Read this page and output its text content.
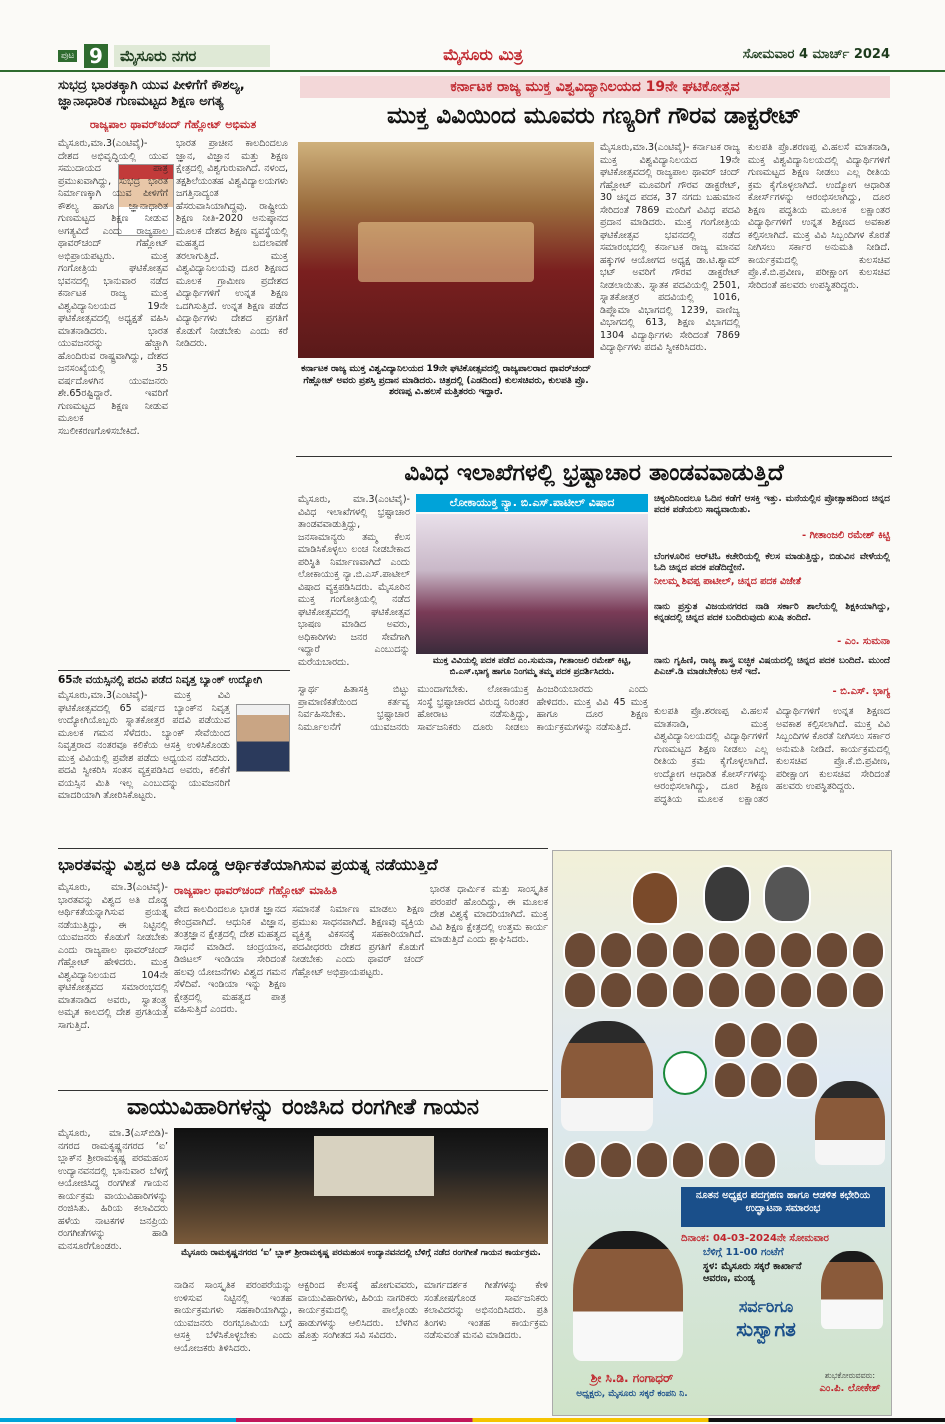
ಪುಟ 9	ಮೈಸೂರು ನಗರ	ಮೈಸೂರು ಮಿತ್ರ	ಸೋಮವಾರ 4 ಮಾರ್ಚ್ 2024
ಸುಭದ್ರ ಭಾರತಕ್ಕಾಗಿ ಯುವ ಪೀಳಿಗೆಗೆ ಕೌಶಲ್ಯ, ಜ್ಞಾನಾಧಾರಿತ ಗುಣಮಟ್ಟದ ಶಿಕ್ಷಣ ಅಗತ್ಯ
ರಾಜ್ಯಪಾಲ ಥಾವರ್‌ಚಂದ್ ಗೆಹ್ಲೋಟ್ ಅಭಿಮತ
ಮೈಸೂರು,ಮಾ.3(ಎಂಟಿವೈ)- ದೇಶದ ಅಭಿವೃದ್ಧಿಯಲ್ಲಿ ಯುವ ಸಮುದಾಯದ ಪಾತ್ರ ಪ್ರಮುಖವಾಗಿದ್ದು, ಸುಭದ್ರ ಭಾರತ ನಿರ್ಮಾಣಕ್ಕಾಗಿ ಯುವ ಪೀಳಿಗೆಗೆ ಕೌಶಲ್ಯ ಹಾಗೂ ಜ್ಞಾನಾಧಾರಿತ ಗುಣಮಟ್ಟದ ಶಿಕ್ಷಣ ನೀಡುವ ಅಗತ್ಯವಿದೆ ಎಂದು ರಾಜ್ಯಪಾಲ ಥಾವರ್‌ಚಂದ್ ಗೆಹ್ಲೋಟ್ ಅಭಿಪ್ರಾಯಪಟ್ಟರು. ಮುಕ್ತ ಗಂಗೋತ್ರಿಯ ಘಟಿಕೋತ್ಸವ ಭವನದಲ್ಲಿ ಭಾನುವಾರ ನಡೆದ ಕರ್ನಾಟಕ ರಾಜ್ಯ ಮುಕ್ತ ವಿಶ್ವವಿದ್ಯಾನಿಲಯದ 19ನೇ ಘಟಿಕೋತ್ಸವದಲ್ಲಿ ಅಧ್ಯಕ್ಷತೆ ವಹಿಸಿ ಮಾತನಾಡಿದರು. ಭಾರತ ಯುವಜನರನ್ನು ಹೆಚ್ಚಾಗಿ ಹೊಂದಿರುವ ರಾಷ್ಟ್ರವಾಗಿದ್ದು, ದೇಶದ ಜನಸಂಖ್ಯೆಯಲ್ಲಿ 35 ವರ್ಷದೊಳಗಿನ ಯುವಜನರು ಶೇ.65ರಷ್ಟಿದ್ದಾರೆ. ಇವರಿಗೆ ಗುಣಮಟ್ಟದ ಶಿಕ್ಷಣ ನೀಡುವ ಮೂಲಕ ಸಬಲೀಕರಣಗೊಳಿಸಬೇಕಿದೆ.
ಭಾರತ ಪ್ರಾಚೀನ ಕಾಲದಿಂದಲೂ ಜ್ಞಾನ, ವಿಜ್ಞಾನ ಮತ್ತು ಶಿಕ್ಷಣ ಕ್ಷೇತ್ರದಲ್ಲಿ ವಿಶ್ವಗುರುವಾಗಿದೆ. ನಳಂದ, ತಕ್ಷಶಿಲೆಯಂತಹ ವಿಶ್ವವಿದ್ಯಾಲಯಗಳು ಜಗತ್ತಿನಾದ್ಯಂತ ಹೆಸರುವಾಸಿಯಾಗಿದ್ದವು. ರಾಷ್ಟ್ರೀಯ ಶಿಕ್ಷಣ ನೀತಿ-2020 ಅನುಷ್ಠಾನದ ಮೂಲಕ ದೇಶದ ಶಿಕ್ಷಣ ವ್ಯವಸ್ಥೆಯಲ್ಲಿ ಮಹತ್ವದ ಬದಲಾವಣೆ ತರಲಾಗುತ್ತಿದೆ. ಮುಕ್ತ ವಿಶ್ವವಿದ್ಯಾನಿಲಯವು ದೂರ ಶಿಕ್ಷಣದ ಮೂಲಕ ಗ್ರಾಮೀಣ ಪ್ರದೇಶದ ವಿದ್ಯಾರ್ಥಿಗಳಿಗೆ ಉನ್ನತ ಶಿಕ್ಷಣ ಒದಗಿಸುತ್ತಿದೆ. ಉನ್ನತ ಶಿಕ್ಷಣ ಪಡೆದ ವಿದ್ಯಾರ್ಥಿಗಳು ದೇಶದ ಪ್ರಗತಿಗೆ ಕೊಡುಗೆ ನೀಡಬೇಕು ಎಂದು ಕರೆ ನೀಡಿದರು.
65ನೇ ವಯಸ್ಸಿನಲ್ಲಿ ಪದವಿ ಪಡೆದ ನಿವೃತ್ತ ಬ್ಯಾಂಕ್ ಉದ್ಯೋಗಿ
ಮೈಸೂರು,ಮಾ.3(ಎಂಟಿವೈ)- ಮುಕ್ತ ವಿವಿ ಘಟಿಕೋತ್ಸವದಲ್ಲಿ 65 ವರ್ಷದ ಬ್ಯಾಂಕ್‌ನ ನಿವೃತ್ತ ಉದ್ಯೋಗಿಯೊಬ್ಬರು ಸ್ನಾತಕೋತ್ತರ ಪದವಿ ಪಡೆಯುವ ಮೂಲಕ ಗಮನ ಸೆಳೆದರು. ಬ್ಯಾಂಕ್ ಸೇವೆಯಿಂದ ನಿವೃತ್ತರಾದ ನಂತರವೂ ಕಲಿಕೆಯ ಆಸಕ್ತಿ ಉಳಿಸಿಕೊಂಡು ಮುಕ್ತ ವಿವಿಯಲ್ಲಿ ಪ್ರವೇಶ ಪಡೆದು ಅಧ್ಯಯನ ನಡೆಸಿದರು. ಪದವಿ ಸ್ವೀಕರಿಸಿ ಸಂತಸ ವ್ಯಕ್ತಪಡಿಸಿದ ಅವರು, ಕಲಿಕೆಗೆ ವಯಸ್ಸಿನ ಮಿತಿ ಇಲ್ಲ ಎಂಬುದನ್ನು ಯುವಜನರಿಗೆ ಮಾದರಿಯಾಗಿ ತೋರಿಸಿಕೊಟ್ಟರು.
ಕರ್ನಾಟಕ ರಾಜ್ಯ ಮುಕ್ತ ವಿಶ್ವವಿದ್ಯಾನಿಲಯದ 19ನೇ ಘಟಿಕೋತ್ಸವ
ಮುಕ್ತ ವಿವಿಯಿಂದ ಮೂವರು ಗಣ್ಯರಿಗೆ ಗೌರವ ಡಾಕ್ಟರೇಟ್
ಕರ್ನಾಟಕ ರಾಜ್ಯ ಮುಕ್ತ ವಿಶ್ವವಿದ್ಯಾನಿಲಯದ 19ನೇ ಘಟಿಕೋತ್ಸವದಲ್ಲಿ ರಾಜ್ಯಪಾಲರಾದ ಥಾವರ್‌ಚಂದ್ ಗೆಹ್ಲೋಟ್ ಅವರು ಪ್ರಶಸ್ತಿ ಪ್ರದಾನ ಮಾಡಿದರು. ಚಿತ್ರದಲ್ಲಿ (ಎಡದಿಂದ) ಕುಲಸಚಿವರು, ಕುಲಪತಿ ಪ್ರೊ. ಶರಣಪ್ಪ ವಿ.ಹಲಸೆ ಮತ್ತಿತರರು ಇದ್ದಾರೆ.
ಮೈಸೂರು,ಮಾ.3(ಎಂಟಿವೈ)- ಕರ್ನಾಟಕ ರಾಜ್ಯ ಮುಕ್ತ ವಿಶ್ವವಿದ್ಯಾನಿಲಯದ 19ನೇ ಘಟಿಕೋತ್ಸವದಲ್ಲಿ ರಾಜ್ಯಪಾಲ ಥಾವರ್ ಚಂದ್ ಗೆಹ್ಲೋಟ್ ಮೂವರಿಗೆ ಗೌರವ ಡಾಕ್ಟರೇಟ್, 30 ಚಿನ್ನದ ಪದಕ, 37 ನಗದು ಬಹುಮಾನ ಸೇರಿದಂತೆ 7869 ಮಂದಿಗೆ ವಿವಿಧ ಪದವಿ ಪ್ರದಾನ ಮಾಡಿದರು. ಮುಕ್ತ ಗಂಗೋತ್ರಿಯ ಘಟಿಕೋತ್ಸವ ಭವನದಲ್ಲಿ ನಡೆದ ಸಮಾರಂಭದಲ್ಲಿ ಕರ್ನಾಟಕ ರಾಜ್ಯ ಮಾನವ ಹಕ್ಕುಗಳ ಆಯೋಗದ ಅಧ್ಯಕ್ಷ ಡಾ.ಟಿ.ಶ್ಯಾಮ್ ಭಟ್ ಅವರಿಗೆ ಗೌರವ ಡಾಕ್ಟರೇಟ್ ನೀಡಲಾಯಿತು. ಸ್ನಾತಕ ಪದವಿಯಲ್ಲಿ 2501, ಸ್ನಾತಕೋತ್ತರ ಪದವಿಯಲ್ಲಿ 1016, ಡಿಪ್ಲೊಮಾ ವಿಭಾಗದಲ್ಲಿ 1239, ವಾಣಿಜ್ಯ ವಿಭಾಗದಲ್ಲಿ 613, ಶಿಕ್ಷಣ ವಿಭಾಗದಲ್ಲಿ 1304 ವಿದ್ಯಾರ್ಥಿಗಳು ಸೇರಿದಂತೆ 7869 ವಿದ್ಯಾರ್ಥಿಗಳು ಪದವಿ ಸ್ವೀಕರಿಸಿದರು.
ಕುಲಪತಿ ಪ್ರೊ.ಶರಣಪ್ಪ ವಿ.ಹಲಸೆ ಮಾತನಾಡಿ, ಮುಕ್ತ ವಿಶ್ವವಿದ್ಯಾನಿಲಯದಲ್ಲಿ ವಿದ್ಯಾರ್ಥಿಗಳಿಗೆ ಗುಣಮಟ್ಟದ ಶಿಕ್ಷಣ ನೀಡಲು ಎಲ್ಲ ರೀತಿಯ ಕ್ರಮ ಕೈಗೊಳ್ಳಲಾಗಿದೆ. ಉದ್ಯೋಗ ಆಧಾರಿತ ಕೋರ್ಸ್‌ಗಳನ್ನು ಆರಂಭಿಸಲಾಗಿದ್ದು, ದೂರ ಶಿಕ್ಷಣ ಪದ್ಧತಿಯ ಮೂಲಕ ಲಕ್ಷಾಂತರ ವಿದ್ಯಾರ್ಥಿಗಳಿಗೆ ಉನ್ನತ ಶಿಕ್ಷಣದ ಅವಕಾಶ ಕಲ್ಪಿಸಲಾಗಿದೆ. ಮುಕ್ತ ವಿವಿ ಸಿಬ್ಬಂದಿಗಳ ಕೊರತೆ ನೀಗಿಸಲು ಸರ್ಕಾರ ಅನುಮತಿ ನೀಡಿದೆ. ಕಾರ್ಯಕ್ರಮದಲ್ಲಿ ಕುಲಸಚಿವ ಪ್ರೊ.ಕೆ.ಬಿ.ಪ್ರವೀಣ, ಪರೀಕ್ಷಾಂಗ ಕುಲಸಚಿವ ಸೇರಿದಂತೆ ಹಲವರು ಉಪಸ್ಥಿತರಿದ್ದರು.
ವಿವಿಧ ಇಲಾಖೆಗಳಲ್ಲಿ ಭ್ರಷ್ಟಾಚಾರ ತಾಂಡವವಾಡುತ್ತಿದೆ
ಮೈಸೂರು, ಮಾ.3(ಎಂಟಿವೈ)- ವಿವಿಧ ಇಲಾಖೆಗಳಲ್ಲಿ ಭ್ರಷ್ಟಾಚಾರ ತಾಂಡವವಾಡುತ್ತಿದ್ದು, ಜನಸಾಮಾನ್ಯರು ತಮ್ಮ ಕೆಲಸ ಮಾಡಿಸಿಕೊಳ್ಳಲು ಲಂಚ ನೀಡಬೇಕಾದ ಪರಿಸ್ಥಿತಿ ನಿರ್ಮಾಣವಾಗಿದೆ ಎಂದು ಲೋಕಾಯುಕ್ತ ನ್ಯಾ.ಬಿ.ಎಸ್.ಪಾಟೀಲ್ ವಿಷಾದ ವ್ಯಕ್ತಪಡಿಸಿದರು. ಮೈಸೂರಿನ ಮುಕ್ತ ಗಂಗೋತ್ರಿಯಲ್ಲಿ ನಡೆದ ಘಟಿಕೋತ್ಸವದಲ್ಲಿ ಘಟಿಕೋತ್ಸವ ಭಾಷಣ ಮಾಡಿದ ಅವರು, ಅಧಿಕಾರಿಗಳು ಜನರ ಸೇವೆಗಾಗಿ ಇದ್ದಾರೆ ಎಂಬುದನ್ನು ಮರೆಯಬಾರದು.
ಲೋಕಾಯುಕ್ತ ನ್ಯಾ. ಬಿ.ಎಸ್.ಪಾಟೀಲ್ ವಿಷಾದ
ಮುಕ್ತ ವಿವಿಯಲ್ಲಿ ಪದಕ ಪಡೆದ ಎಂ.ಸುಮನಾ, ಗೀತಾಂಜಲಿ ರಮೇಶ್ ಕಿಟ್ಟಿ, ಬಿ.ಎಸ್.ಭಾಗ್ಯ ಹಾಗೂ ನಿಂಗಮ್ಮ ತಮ್ಮ ಪದಕ ಪ್ರದರ್ಶಿಸಿದರು.
ಚಿಕ್ಕಂದಿನಿಂದಲೂ ಓದಿನ ಕಡೆಗೆ ಆಸಕ್ತಿ ಇತ್ತು. ಮನೆಯಲ್ಲಿನ ಪ್ರೋತ್ಸಾಹದಿಂದ ಚಿನ್ನದ ಪದಕ ಪಡೆಯಲು ಸಾಧ್ಯವಾಯಿತು.
- ಗೀತಾಂಜಲಿ ರಮೇಶ್ ಕಿಟ್ಟಿ
ಬೆಂಗಳೂರಿನ ಆರ್‌ಟಿಓ ಕಚೇರಿಯಲ್ಲಿ ಕೆಲಸ ಮಾಡುತ್ತಿದ್ದು, ಬಿಡುವಿನ ವೇಳೆಯಲ್ಲಿ ಓದಿ ಚಿನ್ನದ ಪದಕ ಪಡೆದಿದ್ದೇನೆ.
ನೀಲಮ್ಮ ಶಿವಪ್ಪ ಪಾಟೀಲ್, ಚಿನ್ನದ ಪದಕ ವಿಜೇತೆ
ನಾನು ಪ್ರಸ್ತುತ ವಿಜಯನಗರದ ನಾಡಿ ಸರ್ಕಾರಿ ಶಾಲೆಯಲ್ಲಿ ಶಿಕ್ಷಕಿಯಾಗಿದ್ದು, ಕನ್ನಡದಲ್ಲಿ ಚಿನ್ನದ ಪದಕ ಬಂದಿರುವುದು ಖುಷಿ ತಂದಿದೆ.
- ಎಂ. ಸುಮನಾ
ನಾನು ಗೃಹಿಣಿ, ರಾಜ್ಯ ಶಾಸ್ತ್ರ ಐಚ್ಛಿಕ ವಿಷಯದಲ್ಲಿ ಚಿನ್ನದ ಪದಕ ಬಂದಿದೆ. ಮುಂದೆ ಪಿಎಚ್.ಡಿ ಮಾಡಬೇಕೆಂಬ ಆಸೆ ಇದೆ.
- ಬಿ.ಎಸ್. ಭಾಗ್ಯ
ಸ್ವಾರ್ಥ ಹಿತಾಸಕ್ತಿ ಬಿಟ್ಟು ಪ್ರಾಮಾಣಿಕತೆಯಿಂದ ಕರ್ತವ್ಯ ನಿರ್ವಹಿಸಬೇಕು. ಭ್ರಷ್ಟಾಚಾರ ನಿರ್ಮೂಲನೆಗೆ ಯುವಜನರು ಮುಂದಾಗಬೇಕು. ಲೋಕಾಯುಕ್ತ ಸಂಸ್ಥೆ ಭ್ರಷ್ಟಾಚಾರದ ವಿರುದ್ಧ ನಿರಂತರ ಹೋರಾಟ ನಡೆಸುತ್ತಿದ್ದು, ಸಾರ್ವಜನಿಕರು ದೂರು ನೀಡಲು ಹಿಂಜರಿಯಬಾರದು ಎಂದು ಹೇಳಿದರು. ಮುಕ್ತ ವಿವಿ 45 ಮುಕ್ತ ಹಾಗೂ ದೂರ ಶಿಕ್ಷಣ ಕಾರ್ಯಕ್ರಮಗಳನ್ನು ನಡೆಸುತ್ತಿದೆ.
ಕುಲಪತಿ ಪ್ರೊ.ಶರಣಪ್ಪ ವಿ.ಹಲಸೆ ಮಾತನಾಡಿ, ಮುಕ್ತ ವಿಶ್ವವಿದ್ಯಾನಿಲಯದಲ್ಲಿ ವಿದ್ಯಾರ್ಥಿಗಳಿಗೆ ಗುಣಮಟ್ಟದ ಶಿಕ್ಷಣ ನೀಡಲು ಎಲ್ಲ ರೀತಿಯ ಕ್ರಮ ಕೈಗೊಳ್ಳಲಾಗಿದೆ. ಉದ್ಯೋಗ ಆಧಾರಿತ ಕೋರ್ಸ್‌ಗಳನ್ನು ಆರಂಭಿಸಲಾಗಿದ್ದು, ದೂರ ಶಿಕ್ಷಣ ಪದ್ಧತಿಯ ಮೂಲಕ ಲಕ್ಷಾಂತರ ವಿದ್ಯಾರ್ಥಿಗಳಿಗೆ ಉನ್ನತ ಶಿಕ್ಷಣದ ಅವಕಾಶ ಕಲ್ಪಿಸಲಾಗಿದೆ. ಮುಕ್ತ ವಿವಿ ಸಿಬ್ಬಂದಿಗಳ ಕೊರತೆ ನೀಗಿಸಲು ಸರ್ಕಾರ ಅನುಮತಿ ನೀಡಿದೆ. ಕಾರ್ಯಕ್ರಮದಲ್ಲಿ ಕುಲಸಚಿವ ಪ್ರೊ.ಕೆ.ಬಿ.ಪ್ರವೀಣ, ಪರೀಕ್ಷಾಂಗ ಕುಲಸಚಿವ ಸೇರಿದಂತೆ ಹಲವರು ಉಪಸ್ಥಿತರಿದ್ದರು.
ಭಾರತವನ್ನು ವಿಶ್ವದ ಅತಿ ದೊಡ್ಡ ಆರ್ಥಿಕತೆಯಾಗಿಸುವ ಪ್ರಯತ್ನ ನಡೆಯುತ್ತಿದೆ
ಮೈಸೂರು, ಮಾ.3(ಎಂಟಿವೈ)- ಭಾರತವನ್ನು ವಿಶ್ವದ ಅತಿ ದೊಡ್ಡ ಆರ್ಥಿಕತೆಯನ್ನಾಗಿಸುವ ಪ್ರಯತ್ನ ನಡೆಯುತ್ತಿದ್ದು, ಈ ನಿಟ್ಟಿನಲ್ಲಿ ಯುವಜನರು ಕೊಡುಗೆ ನೀಡಬೇಕು ಎಂದು ರಾಜ್ಯಪಾಲ ಥಾವರ್‌ಚಂದ್ ಗೆಹ್ಲೋಟ್ ಹೇಳಿದರು. ಮುಕ್ತ ವಿಶ್ವವಿದ್ಯಾನಿಲಯದ 104ನೇ ಘಟಿಕೋತ್ಸವದ ಸಮಾರಂಭದಲ್ಲಿ ಮಾತನಾಡಿದ ಅವರು, ಸ್ವಾತಂತ್ರ್ಯ ಅಮೃತ ಕಾಲದಲ್ಲಿ ದೇಶ ಪ್ರಗತಿಯತ್ತ ಸಾಗುತ್ತಿದೆ.
ರಾಜ್ಯಪಾಲ ಥಾವರ್‌ಚಂದ್ ಗೆಹ್ಲೋಟ್ ಮಾಹಿತಿ
ವೇದ ಕಾಲದಿಂದಲೂ ಭಾರತ ಜ್ಞಾನದ ಕೇಂದ್ರವಾಗಿದೆ. ಆಧುನಿಕ ವಿಜ್ಞಾನ, ತಂತ್ರಜ್ಞಾನ ಕ್ಷೇತ್ರದಲ್ಲಿ ದೇಶ ಮಹತ್ವದ ಸಾಧನೆ ಮಾಡಿದೆ. ಚಂದ್ರಯಾನ, ಡಿಜಿಟಲ್ ಇಂಡಿಯಾ ಸೇರಿದಂತೆ ಹಲವು ಯೋಜನೆಗಳು ವಿಶ್ವದ ಗಮನ ಸೆಳೆದಿವೆ. ಇಂಡಿಯಾ ಇನ್ನು ಶಿಕ್ಷಣ ಕ್ಷೇತ್ರದಲ್ಲಿ ಮಹತ್ವದ ಪಾತ್ರ ವಹಿಸುತ್ತಿದೆ ಎಂದರು.
ಸಮಾನತೆ ನಿರ್ಮಾಣ ಮಾಡಲು ಶಿಕ್ಷಣ ಪ್ರಮುಖ ಸಾಧನವಾಗಿದೆ. ಶಿಕ್ಷಣವು ವ್ಯಕ್ತಿಯ ವ್ಯಕ್ತಿತ್ವ ವಿಕಸನಕ್ಕೆ ಸಹಕಾರಿಯಾಗಿದೆ. ಪದವೀಧರರು ದೇಶದ ಪ್ರಗತಿಗೆ ಕೊಡುಗೆ ನೀಡಬೇಕು ಎಂದು ಥಾವರ್ ಚಂದ್ ಗೆಹ್ಲೋಟ್ ಅಭಿಪ್ರಾಯಪಟ್ಟರು.
ಭಾರತ ಧಾರ್ಮಿಕ ಮತ್ತು ಸಾಂಸ್ಕೃತಿಕ ಪರಂಪರೆ ಹೊಂದಿದ್ದು, ಈ ಮೂಲಕ ದೇಶ ವಿಶ್ವಕ್ಕೆ ಮಾದರಿಯಾಗಿದೆ. ಮುಕ್ತ ವಿವಿ ಶಿಕ್ಷಣ ಕ್ಷೇತ್ರದಲ್ಲಿ ಉತ್ತಮ ಕಾರ್ಯ ಮಾಡುತ್ತಿದೆ ಎಂದು ಶ್ಲಾಘಿಸಿದರು.
ವಾಯುವಿಹಾರಿಗಳನ್ನು ರಂಜಿಸಿದ ರಂಗಗೀತೆ ಗಾಯನ
ಮೈಸೂರು, ಮಾ.3(ಎಸ್‌ಬಿಡಿ)- ನಗರದ ರಾಮಕೃಷ್ಣನಗರದ ‘ಐ’ ಬ್ಲಾಕ್‌ನ ಶ್ರೀರಾಮಕೃಷ್ಣ ಪರಮಹಂಸ ಉದ್ಯಾನವನದಲ್ಲಿ ಭಾನುವಾರ ಬೆಳಿಗ್ಗೆ ಆಯೋಜಿಸಿದ್ದ ರಂಗಗೀತೆ ಗಾಯನ ಕಾರ್ಯಕ್ರಮ ವಾಯುವಿಹಾರಿಗಳನ್ನು ರಂಜಿಸಿತು. ಹಿರಿಯ ಕಲಾವಿದರು ಹಳೆಯ ನಾಟಕಗಳ ಜನಪ್ರಿಯ ರಂಗಗೀತೆಗಳನ್ನು ಹಾಡಿ ಮನಸೂರೆಗೊಂಡರು.
ಮೈಸೂರು ರಾಮಕೃಷ್ಣನಗರದ ‘ಐ’ ಬ್ಲಾಕ್ ಶ್ರೀರಾಮಕೃಷ್ಣ ಪರಮಹಂಸ ಉದ್ಯಾನವನದಲ್ಲಿ ಬೆಳಿಗ್ಗೆ ನಡೆದ ರಂಗಗೀತೆ ಗಾಯನ ಕಾರ್ಯಕ್ರಮ.
ನಾಡಿನ ಸಾಂಸ್ಕೃತಿಕ ಪರಂಪರೆಯನ್ನು ಉಳಿಸುವ ನಿಟ್ಟಿನಲ್ಲಿ ಇಂತಹ ಕಾರ್ಯಕ್ರಮಗಳು ಸಹಕಾರಿಯಾಗಿದ್ದು, ಯುವಜನರು ರಂಗಭೂಮಿಯ ಬಗ್ಗೆ ಆಸಕ್ತಿ ಬೆಳೆಸಿಕೊಳ್ಳಬೇಕು ಎಂದು ಆಯೋಜಕರು ತಿಳಿಸಿದರು.
ಆಕ್ಟರಿಂದ ಕೆಲಸಕ್ಕೆ ಹೋಗುವವರು, ವಾಯುವಿಹಾರಿಗಳು, ಹಿರಿಯ ನಾಗರಿಕರು ಕಾರ್ಯಕ್ರಮದಲ್ಲಿ ಪಾಲ್ಗೊಂಡು ಹಾಡುಗಳನ್ನು ಆಲಿಸಿದರು. ಬೆಳಗಿನ ಹೊತ್ತು ಸಂಗೀತದ ಸವಿ ಸವಿದರು.
ಮಾರ್ಗದರ್ಶಕ ಗೀತೆಗಳನ್ನು ಕೇಳಿ ಸಂತೋಷಗೊಂಡ ಸಾರ್ವಜನಿಕರು ಕಲಾವಿದರನ್ನು ಅಭಿನಂದಿಸಿದರು. ಪ್ರತಿ ತಿಂಗಳು ಇಂತಹ ಕಾರ್ಯಕ್ರಮ ನಡೆಸುವಂತೆ ಮನವಿ ಮಾಡಿದರು.
ನೂತನ ಅಧ್ಯಕ್ಷರ ಪದಗ್ರಹಣ ಹಾಗೂ ಆಡಳಿತ ಕಛೇರಿಯ ಉದ್ಘಾಟನಾ ಸಮಾರಂಭ
ದಿನಾಂಕ: 04-03-2024ನೇ ಸೋಮವಾರ
ಬೆಳಿಗ್ಗೆ 11-00 ಗಂಟೆಗೆ
ಸ್ಥಳ: ಮೈಸೂರು ಸಕ್ಕರೆ ಕಾರ್ಖಾನೆ ಆವರಣ, ಮಂಡ್ಯ
ಶ್ರೀ ಸಿ.ಡಿ. ಗಂಗಾಧರ್
ಅಧ್ಯಕ್ಷರು, ಮೈಸೂರು ಸಕ್ಕರೆ ಕಂಪನಿ ನಿ.
ಸರ್ವರಿಗೂ
ಸುಸ್ವಾಗತ
ಶುಭಕೋರುವವರು:
ಎಂ.ಪಿ. ಲೋಕೇಶ್
